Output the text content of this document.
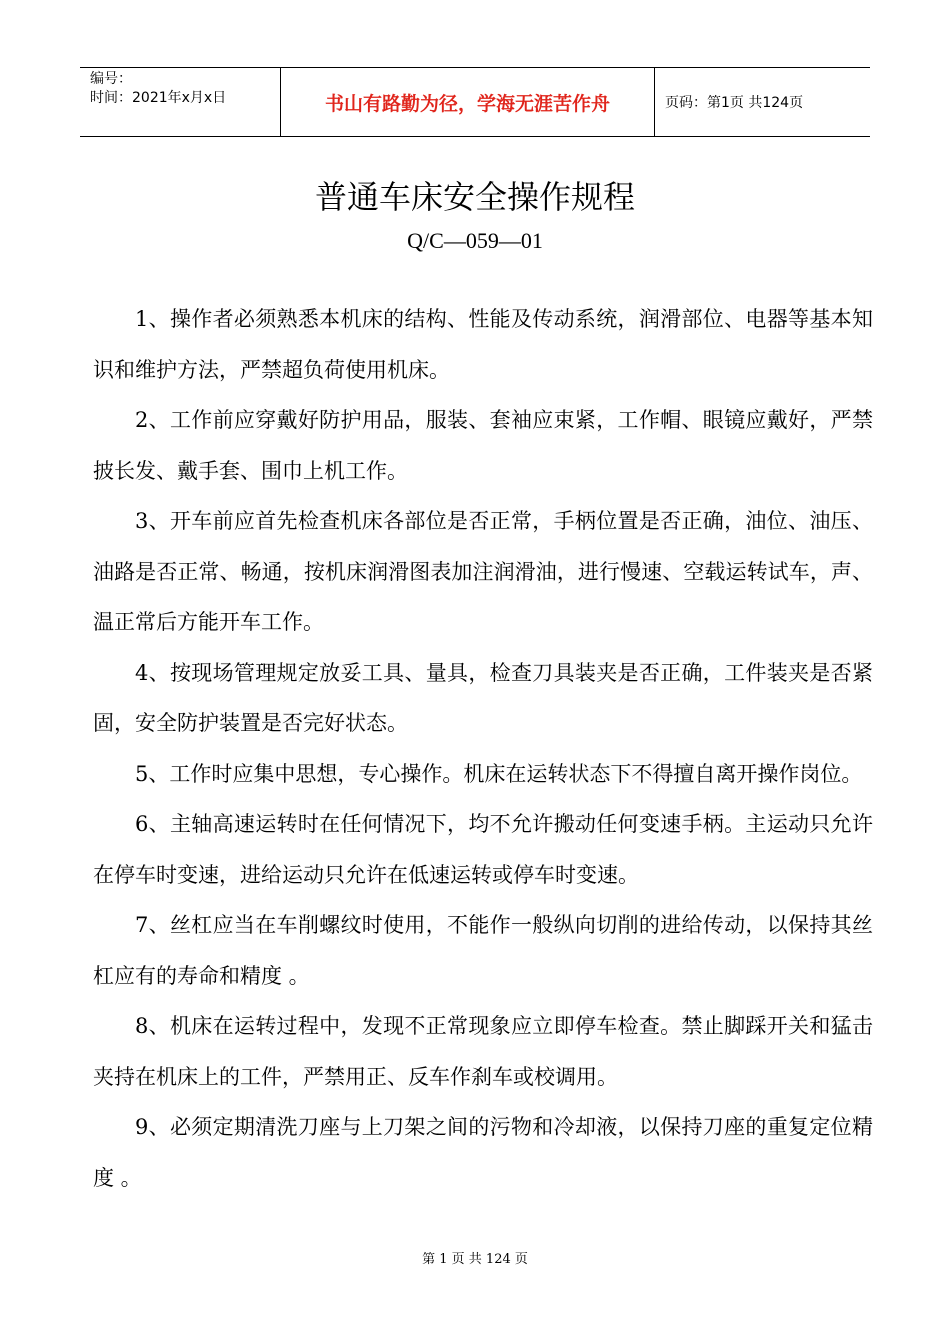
编号：
时间：2021年x月x日	书山有路勤为径，学海无涯苦作舟	页码：第1页 共124页
普通车床安全操作规程
Q/C—059—01

1、操作者必须熟悉本机床的结构、性能及传动系统，润滑部位、电器等基本知识和维护方法，严禁超负荷使用机床。

2、工作前应穿戴好防护用品，服装、套袖应束紧，工作帽、眼镜应戴好，严禁披长发、戴手套、围巾上机工作。

3、开车前应首先检查机床各部位是否正常，手柄位置是否正确，油位、油压、油路是否正常、畅通，按机床润滑图表加注润滑油，进行慢速、空载运转试车，声、温正常后方能开车工作。

4、按现场管理规定放妥工具、量具，检查刀具装夹是否正确，工件装夹是否紧固，安全防护装置是否完好状态。

5、工作时应集中思想，专心操作。机床在运转状态下不得擅自离开操作岗位。

6、主轴高速运转时在任何情况下，均不允许搬动任何变速手柄。主运动只允许在停车时变速，进给运动只允许在低速运转或停车时变速。

7、丝杠应当在车削螺纹时使用，不能作一般纵向切削的进给传动，以保持其丝杠应有的寿命和精度 。

8、机床在运转过程中，发现不正常现象应立即停车检查。禁止脚踩开关和猛击夹持在机床上的工件，严禁用正、反车作刹车或校调用。

9、必须定期清洗刀座与上刀架之间的污物和冷却液，以保持刀座的重复定位精度 。

第 1 页 共 124 页
